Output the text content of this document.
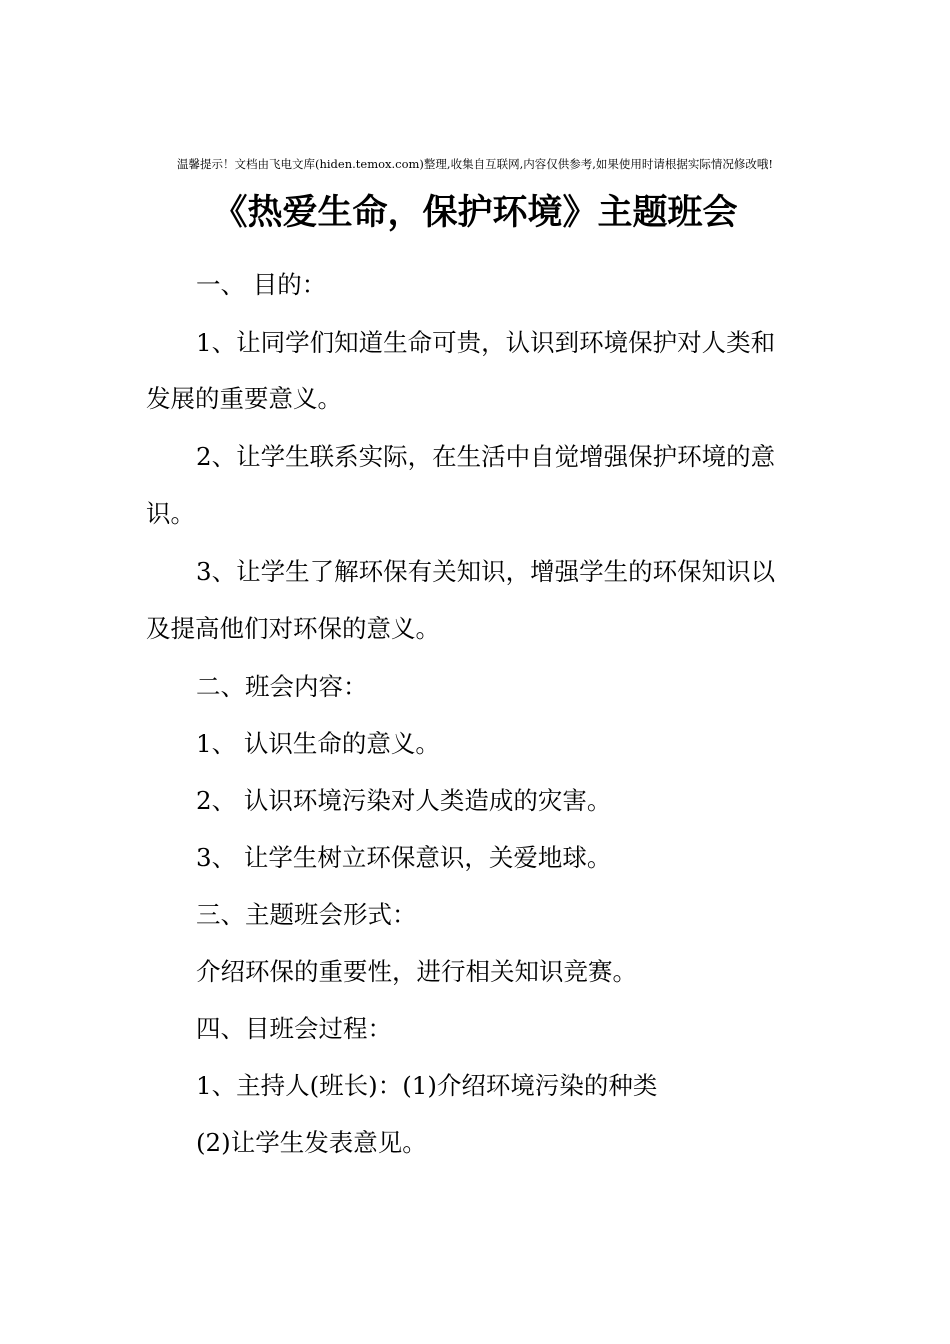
温馨提示！文档由飞电文库(hiden.temox.com)整理,收集自互联网,内容仅供参考,如果使用时请根据实际情况修改哦!
《热爱生命，保护环境》主题班会
一、 目的：
1、让同学们知道生命可贵，认识到环境保护对人类和
发展的重要意义。
2、让学生联系实际，在生活中自觉增强保护环境的意
识。
3、让学生了解环保有关知识，增强学生的环保知识以
及提高他们对环保的意义。
二、班会内容：
1、 认识生命的意义。
2、 认识环境污染对人类造成的灾害。
3、 让学生树立环保意识，关爱地球。
三、主题班会形式：
介绍环保的重要性，进行相关知识竞赛。
四、目班会过程：
1、主持人(班长)：(1)介绍环境污染的种类
(2)让学生发表意见。
